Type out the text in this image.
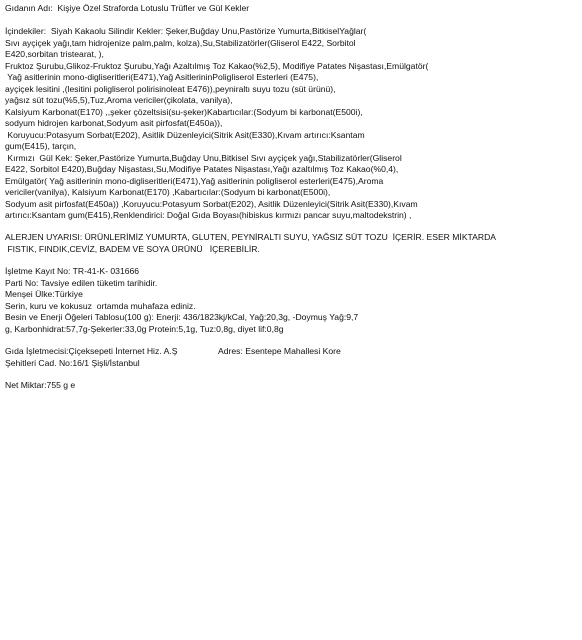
Gıdanın Adı:  Kişiye Özel Straforda Lotuslu Trüfler ve Gül Kekler
İçindekiler:  Siyah Kakaolu Silindir Kekler: Şeker,Buğday Unu,Pastörize Yumurta,BitkiselYağlar(
Sıvı ayçiçek yağı,tam hidrojenize palm,palm, kolza),Su,Stabilizatörler(Gliserol E422, Sorbitol
E420,sorbitan tristearat, ),
Fruktoz Şurubu,Glikoz-Fruktoz Şurubu,Yağı Azaltılmış Toz Kakao(%2,5), Modifiye Patates Nişastası,Emülgatör(
Yağ asitlerinin mono-digliseritleri(E471),Yağ AsitlerininPoligliserol Esterleri (E475),
ayçiçek lesitini ,(lesitini poligliserol polirisinoleat E476)),peyniraltı suyu tozu (süt ürünü),
yağsız süt tozu(%5,5),Tuz,Aroma vericiler(çikolata, vanilya),
Kalsiyum Karbonat(E170) ,,şeker çözeltsisi(su-şeker)Kabartıcılar:(Sodyum bi karbonat(E500i),
sodyum hidrojen karbonat,Sodyum asit pirfosfat(E450a)),
Koruyucu:Potasyum Sorbat(E202), Asitlik Düzenleyici(Sitrik Asit(E330),Kıvam artırıcı:Ksantam
gum(E415), tarçın,
Kırmızı  Gül Kek: Şeker,Pastörize Yumurta,Buğday Unu,Bitkisel Sıvı ayçiçek yağı,Stabilizatörler(Gliserol
E422, Sorbitol E420),Buğday Nişastası,Su,Modifiye Patates Nişastası,Yağı azaltılmış Toz Kakao(%0,4),
Emülgatör( Yağ asitlerinin mono-digliseritleri(E471),Yağ asitlerinin poligliserol esterleri(E475),Aroma
vericiler(vanilya), Kalsiyum Karbonat(E170) ,Kabartıcılar:(Sodyum bi karbonat(E500i),
Sodyum asit pirfosfat(E450a)) ,Koruyucu:Potasyum Sorbat(E202), Asitlik Düzenleyici(Sitrik Asit(E330),Kıvam
artırıcı:Ksantam gum(E415),Renklendirici: Doğal Gıda Boyası(hibiskus kırmızı pancar suyu,maltodekstrin) ,
ALERJEN UYARISI: ÜRÜNLERİMİZ YUMURTA, GLUTEN, PEYNİRALTI SUYU, YAĞSIZ SÜT TOZU  İÇERİR. ESER MİKTARDA
FISTIK, FINDIK,CEVİZ, BADEM VE SOYA ÜRÜNÜ   İÇEREBİLİR.
İşletme Kayıt No: TR-41-K- 031666
Parti No: Tavsiye edilen tüketim tarihidir.
Menşei Ülke:Türkiye
Serin, kuru ve kokusuz  ortamda muhafaza ediniz.
Besin ve Enerji Öğeleri Tablosu(100 g): Enerji: 436/1823kj/kCal, Yağ:20,3g, -Doymuş Yağ:9,7
g, Karbonhidrat:57,7g-Şekerler:33,0g Protein:5,1g, Tuz:0,8g, diyet lif:0,8g
Gıda İşletmecisi:Çiçeksepeti İnternet Hiz. A.Ş	Adres: Esentepe Mahallesi Kore
Şehitleri Cad. No:16/1 Şişli/İstanbul
Net Miktar:755 g e
